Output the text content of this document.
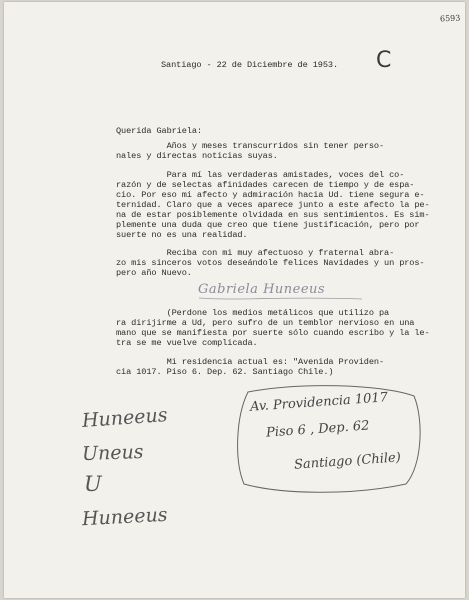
6593
Santiago - 22 de Diciembre de 1953. C
Querida Gabriela:
Años y meses transcurridos sin tener perso-
nales y directas noticias suyas.
Para mí las verdaderas amistades, voces del co-
razón y de selectas afinidades carecen de tiempo y de espa-
cio. Por eso mi afecto y admiración hacia Ud. tiene segura e-
ternidad. Claro que a veces aparece junto a este afecto la pe-
na de estar posiblemente olvidada en sus sentimientos. Es sim-
plemente una duda que creo que tiene justificación, pero por
suerte no es una realidad.
Reciba con mi muy afectuoso y fraternal abra-
zo mis sinceros votos deseándole felices Navidades y un pros-
pero año Nuevo.
Gabriela Huneeus
(Perdone los medios metálicos que utilizo pa
ra dirijirme a Ud, pero sufro de un temblor nervioso en una
mano que se manifiesta por suerte sólo cuando escribo y la le-
tra se me vuelve complicada.
Mi residencia actual es: "Avenida Providen-
cia 1017. Piso 6. Dep. 62. Santiago Chile.)
Huneeus
Uneus
U
Huneeus
Av. Providencia 1017
Piso 6 , Dep. 62
Santiago (Chile)
